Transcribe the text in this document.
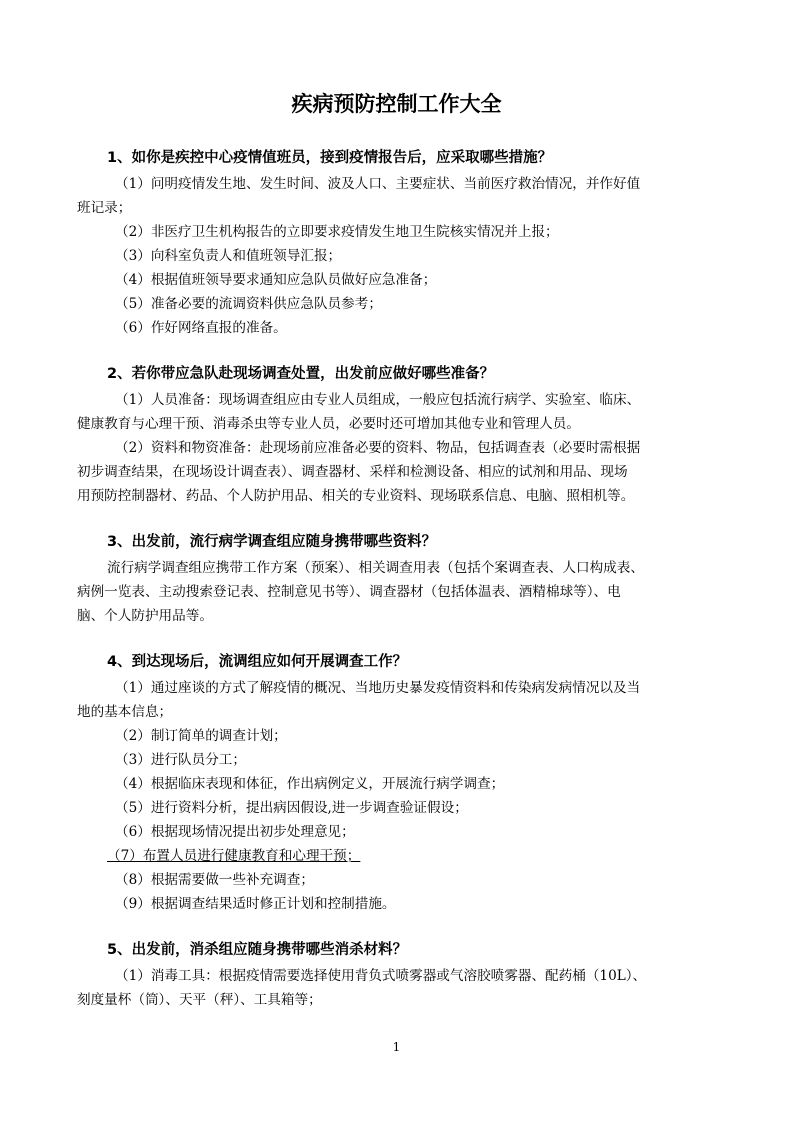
疾病预防控制工作大全
1、如你是疾控中心疫情值班员，接到疫情报告后，应采取哪些措施？
（1）问明疫情发生地、发生时间、波及人口、主要症状、当前医疗救治情况，并作好值
班记录；
（2）非医疗卫生机构报告的立即要求疫情发生地卫生院核实情况并上报；
（3）向科室负责人和值班领导汇报；
（4）根据值班领导要求通知应急队员做好应急准备；
（5）准备必要的流调资料供应急队员参考；
（6）作好网络直报的准备。
2、若你带应急队赴现场调查处置，出发前应做好哪些准备？
（1）人员准备：现场调查组应由专业人员组成，一般应包括流行病学、实验室、临床、
健康教育与心理干预、消毒杀虫等专业人员，必要时还可增加其他专业和管理人员。
（2）资料和物资准备：赴现场前应准备必要的资料、物品，包括调查表（必要时需根据
初步调查结果，在现场设计调查表）、调查器材、采样和检测设备、相应的试剂和用品、现场
用预防控制器材、药品、个人防护用品、相关的专业资料、现场联系信息、电脑、照相机等。
3、出发前，流行病学调查组应随身携带哪些资料？
流行病学调查组应携带工作方案（预案）、相关调查用表（包括个案调查表、人口构成表、
病例一览表、主动搜索登记表、控制意见书等）、调查器材（包括体温表、酒精棉球等）、电
脑、个人防护用品等。
4、到达现场后，流调组应如何开展调查工作？
（1）通过座谈的方式了解疫情的概况、当地历史暴发疫情资料和传染病发病情况以及当
地的基本信息；
（2）制订简单的调查计划；
（3）进行队员分工；
（4）根据临床表现和体征，作出病例定义，开展流行病学调查；
（5）进行资料分析，提出病因假设,进一步调查验证假设；
（6）根据现场情况提出初步处理意见；
（7）布置人员进行健康教育和心理干预；
（8）根据需要做一些补充调查；
（9）根据调查结果适时修正计划和控制措施。
5、出发前，消杀组应随身携带哪些消杀材料？
（1）消毒工具：根据疫情需要选择使用背负式喷雾器或气溶胶喷雾器、配药桶（10L）、
刻度量杯（筒）、天平（秤）、工具箱等；
1
